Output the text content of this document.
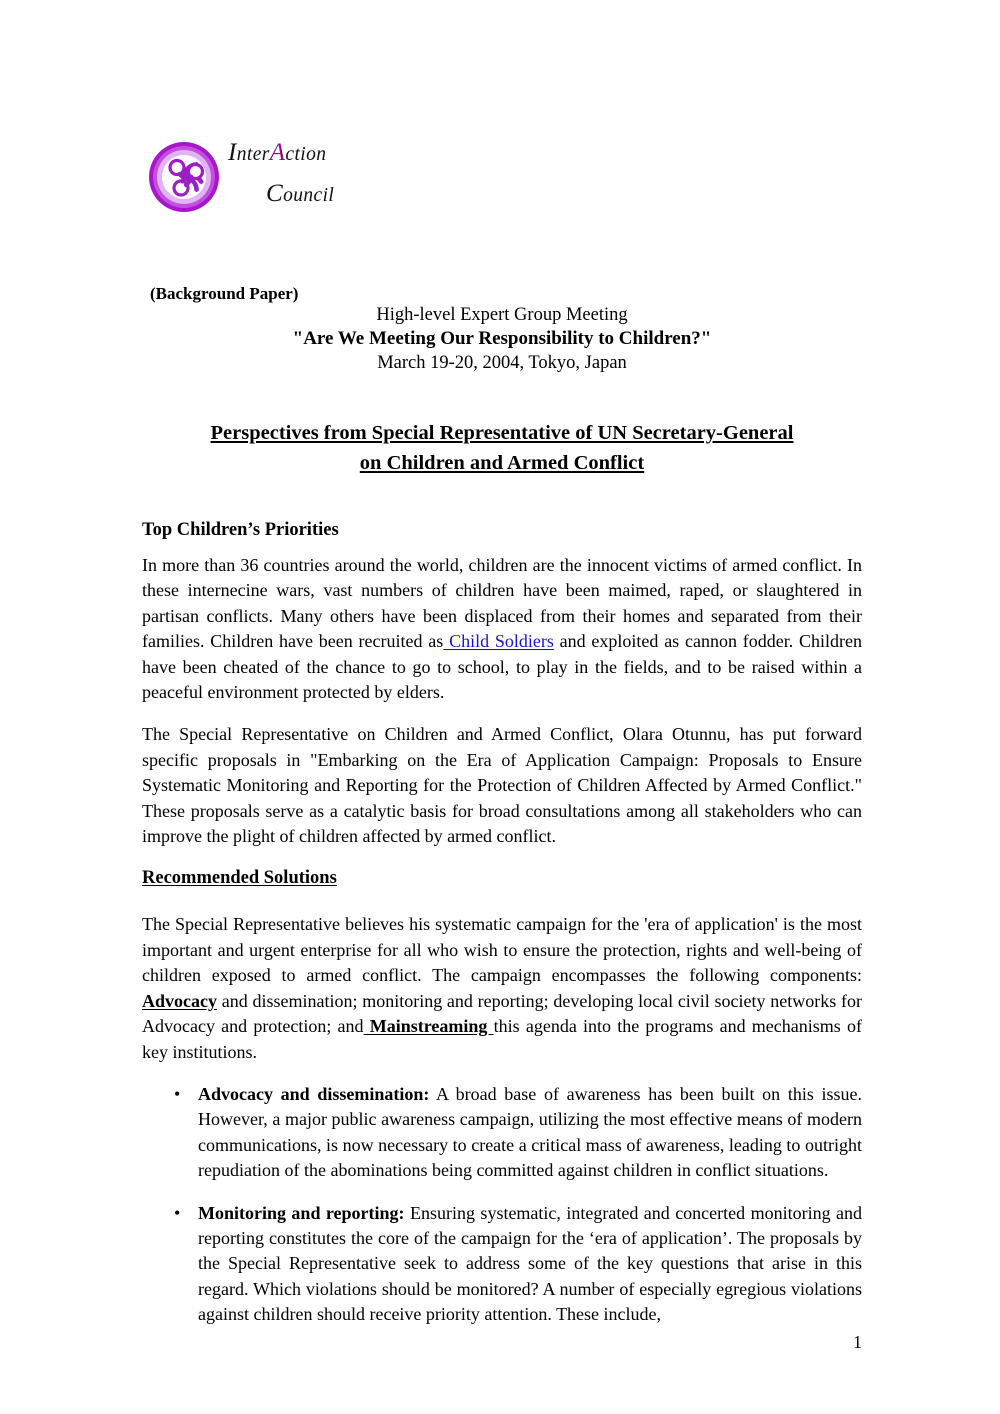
InterAction
Council
(Background Paper)
High-level Expert Group Meeting
"Are We Meeting Our Responsibility to Children?"
March 19-20, 2004, Tokyo, Japan
Perspectives from Special Representative of UN Secretary-General
on Children and Armed Conflict
Top Children’s Priorities

In more than 36 countries around the world, children are the innocent victims of armed conflict. In these internecine wars, vast numbers of children have been maimed, raped, or slaughtered in partisan conflicts. Many others have been displaced from their homes and separated from their families. Children have been recruited as Child Soldiers and exploited as cannon fodder. Children have been cheated of the chance to go to school, to play in the fields, and to be raised within a peaceful environment protected by elders.

The Special Representative on Children and Armed Conflict, Olara Otunnu, has put forward specific proposals in "Embarking on the Era of Application Campaign: Proposals to Ensure Systematic Monitoring and Reporting for the Protection of Children Affected by Armed Conflict." These proposals serve as a catalytic basis for broad consultations among all stakeholders who can improve the plight of children affected by armed conflict.

Recommended Solutions

The Special Representative believes his systematic campaign for the 'era of application' is the most important and urgent enterprise for all who wish to ensure the protection, rights and well-being of children exposed to armed conflict. The campaign encompasses the following components: Advocacy and dissemination; monitoring and reporting; developing local civil society networks for Advocacy and protection; and Mainstreaming this agenda into the programs and mechanisms of key institutions.

• Advocacy and dissemination: A broad base of awareness has been built on this issue. However, a major public awareness campaign, utilizing the most effective means of modern communications, is now necessary to create a critical mass of awareness, leading to outright repudiation of the abominations being committed against children in conflict situations.
• Monitoring and reporting: Ensuring systematic, integrated and concerted monitoring and reporting constitutes the core of the campaign for the ‘era of application’. The proposals by the Special Representative seek to address some of the key questions that arise in this regard. Which violations should be monitored? A number of especially egregious violations against children should receive priority attention. These include,
1
